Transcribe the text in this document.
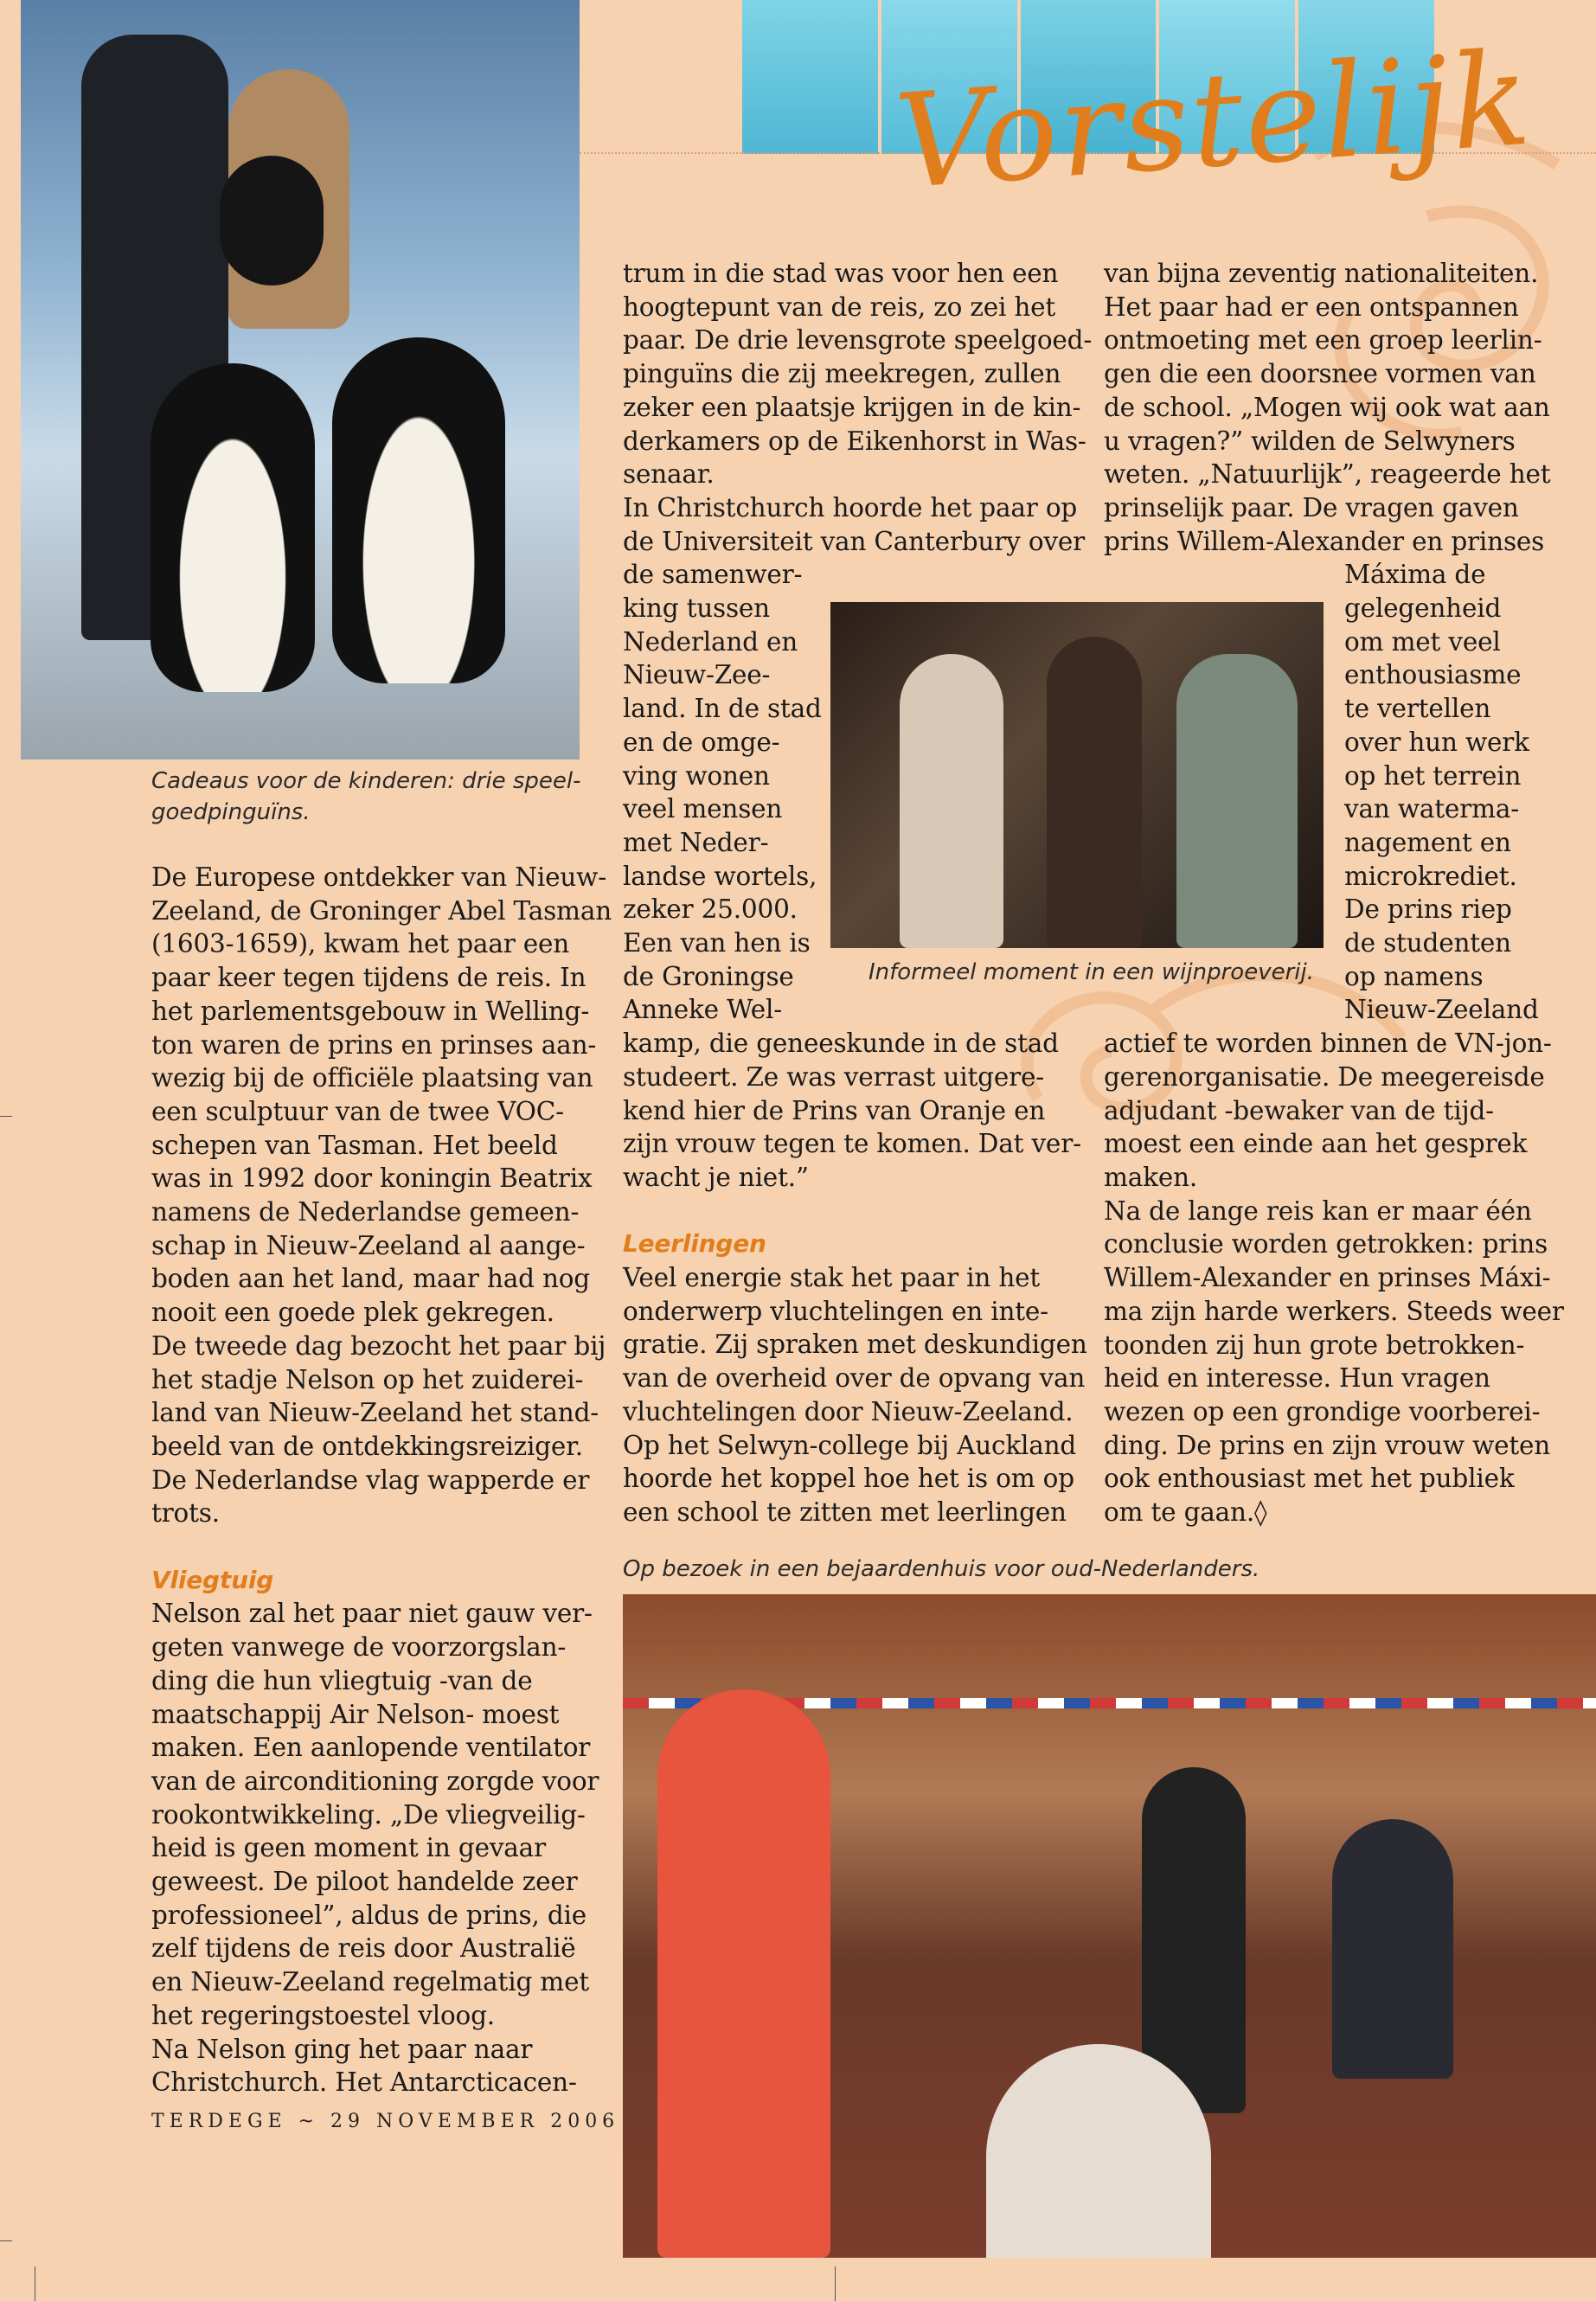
Vorstelijk
Cadeaus voor de kinderen: drie speel-
goedpinguïns.
Informeel moment in een wijnproeverij.
Op bezoek in een bejaardenhuis voor oud-Nederlanders.

De Europese ontdekker van Nieuw-
Zeeland, de Groninger Abel Tasman
(1603-1659), kwam het paar een
paar keer tegen tijdens de reis. In
het parlementsgebouw in Welling-
ton waren de prins en prinses aan-
wezig bij de officiële plaatsing van
een sculptuur van de twee VOC-
schepen van Tasman. Het beeld
was in 1992 door koningin Beatrix
namens de Nederlandse gemeen-
schap in Nieuw-Zeeland al aange-
boden aan het land, maar had nog
nooit een goede plek gekregen.

De tweede dag bezocht het paar bij
het stadje Nelson op het zuiderei-
land van Nieuw-Zeeland het stand-
beeld van de ontdekkingsreiziger.
De Nederlandse vlag wapperde er
trots.

Vliegtuig

Nelson zal het paar niet gauw ver-
geten vanwege de voorzorgslan-
ding die hun vliegtuig -van de
maatschappij Air Nelson- moest
maken. Een aanlopende ventilator
van de airconditioning zorgde voor
rookontwikkeling. „De vliegveilig-
heid is geen moment in gevaar
geweest. De piloot handelde zeer
professioneel”, aldus de prins, die
zelf tijdens de reis door Australië
en Nieuw-Zeeland regelmatig met
het regeringstoestel vloog.

Na Nelson ging het paar naar
Christchurch. Het Antarcticacen-

trum in die stad was voor hen een
hoogtepunt van de reis, zo zei het
paar. De drie levensgrote speelgoed-
pinguïns die zij meekregen, zullen
zeker een plaatsje krijgen in de kin-
derkamers op de Eikenhorst in Was-
senaar.

In Christchurch hoorde het paar op
de Universiteit van Canterbury over

de samenwer-
king tussen
Nederland en
Nieuw-Zee-
land. In de stad
en de omge-
ving wonen
veel mensen
met Neder-
landse wortels,
zeker 25.000.
Een van hen is
de Groningse
Anneke Wel-

kamp, die geneeskunde in de stad
studeert. Ze was verrast uitgere-
kend hier de Prins van Oranje en
zijn vrouw tegen te komen. Dat ver-
wacht je niet.”

Leerlingen

Veel energie stak het paar in het
onderwerp vluchtelingen en inte-
gratie. Zij spraken met deskundigen
van de overheid over de opvang van
vluchtelingen door Nieuw-Zeeland.
Op het Selwyn-college bij Auckland
hoorde het koppel hoe het is om op
een school te zitten met leerlingen

van bijna zeventig nationaliteiten.
Het paar had er een ontspannen
ontmoeting met een groep leerlin-
gen die een doorsnee vormen van
de school. „Mogen wij ook wat aan
u vragen?” wilden de Selwyners
weten. „Natuurlijk”, reageerde het
prinselijk paar. De vragen gaven
prins Willem-Alexander en prinses

Máxima de
gelegenheid
om met veel
enthousiasme
te vertellen
over hun werk
op het terrein
van waterma-
nagement en
microkrediet.
De prins riep
de studenten
op namens
Nieuw-Zeeland

actief te worden binnen de VN-jon-
gerenorganisatie. De meegereisde
adjudant -bewaker van de tijd-
moest een einde aan het gesprek
maken.

Na de lange reis kan er maar één
conclusie worden getrokken: prins
Willem-Alexander en prinses Máxi-
ma zijn harde werkers. Steeds weer
toonden zij hun grote betrokken-
heid en interesse. Hun vragen
wezen op een grondige voorberei-
ding. De prins en zijn vrouw weten
ook enthousiast met het publiek
om te gaan.◊

TERDEGE ~ 29 NOVEMBER 2006
